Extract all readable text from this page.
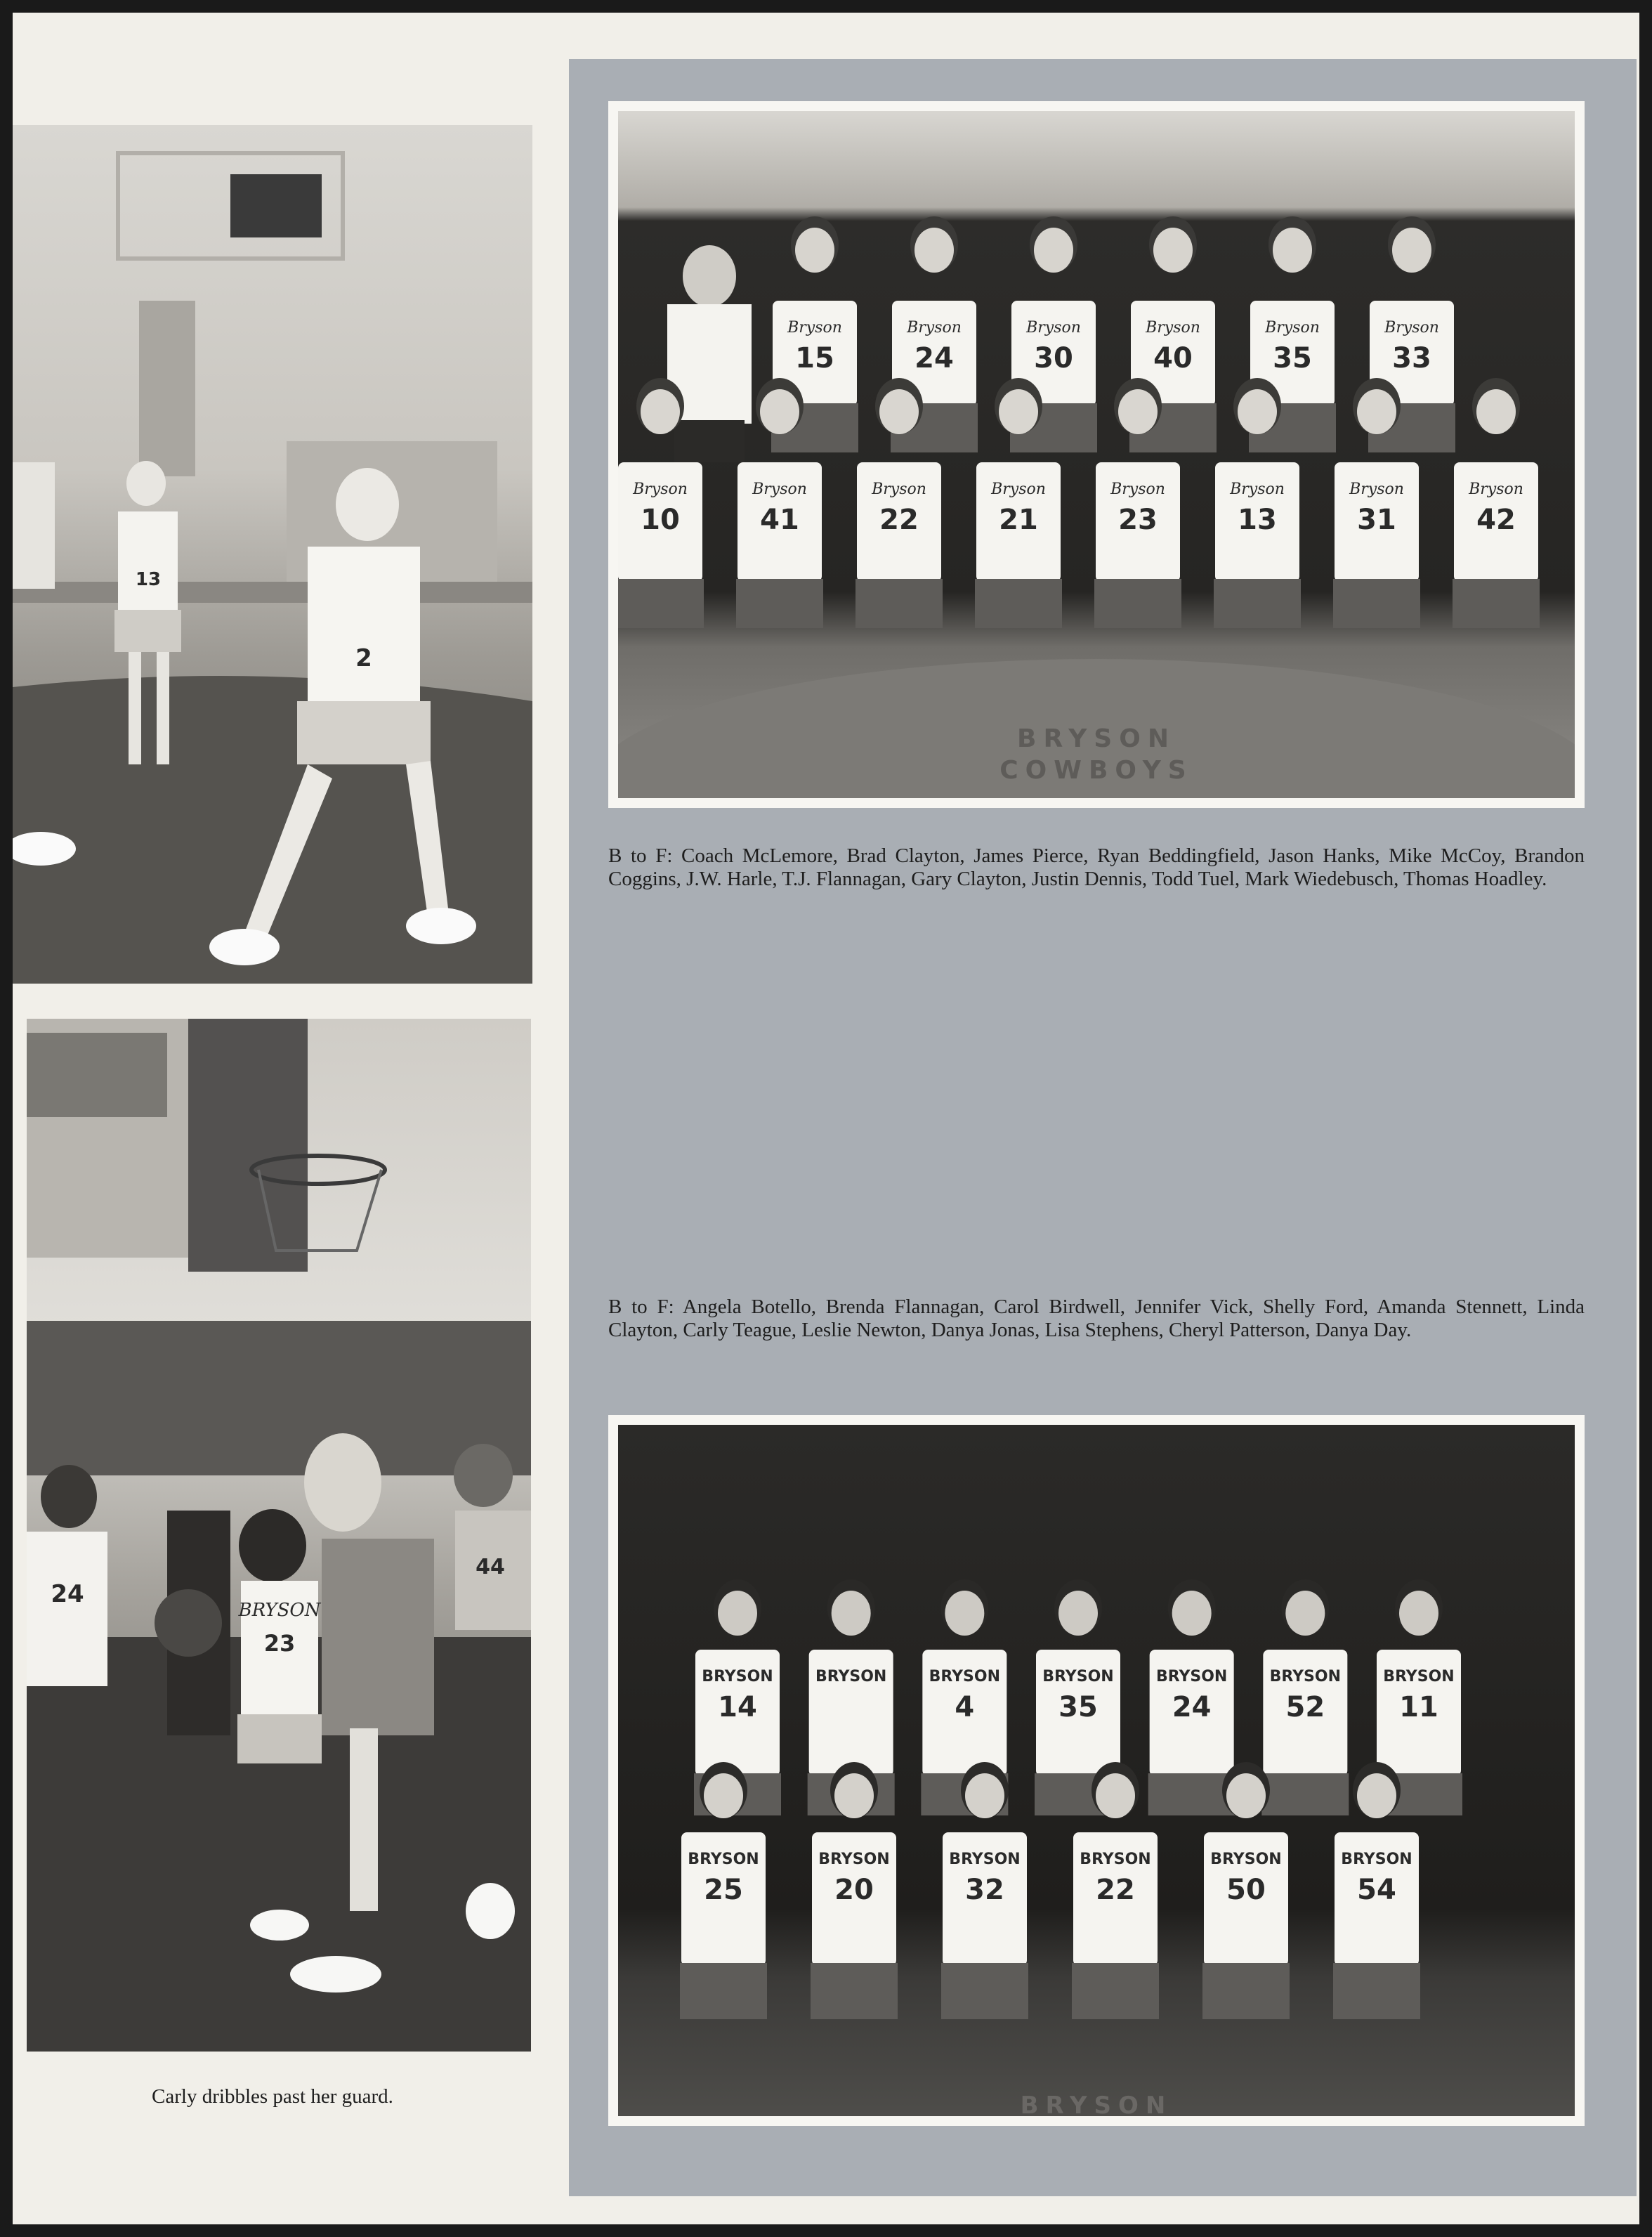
13
2
24
BRYSON
23
44
Carly dribbles past her guard.
BRYSON
COWBOYS
Bryson
15
Bryson
24
Bryson
30
Bryson
40
Bryson
35
Bryson
33
Bryson
10
Bryson
41
Bryson
22
Bryson
21
Bryson
23
Bryson
13
Bryson
31
Bryson
42
B to F: Coach McLemore, Brad Clayton, James Pierce, Ryan Beddingfield, Jason Hanks, Mike McCoy, Brandon Coggins, J.W. Harle, T.J. Flannagan, Gary Clayton, Justin Dennis, Todd Tuel, Mark Wiedebusch, Thomas Hoadley.
B to F: Angela Botello, Brenda Flannagan, Carol Birdwell, Jennifer Vick, Shelly Ford, Amanda Stennett, Linda Clayton, Carly Teague, Leslie Newton, Danya Jonas, Lisa Stephens, Cheryl Patterson, Danya Day.
BRYSON
BRYSON
14
BRYSON	BRYSON
4
BRYSON
35
BRYSON
24
BRYSON
52
BRYSON
11
BRYSON
25
BRYSON
20
BRYSON
32
BRYSON
22
BRYSON
50
BRYSON
54
